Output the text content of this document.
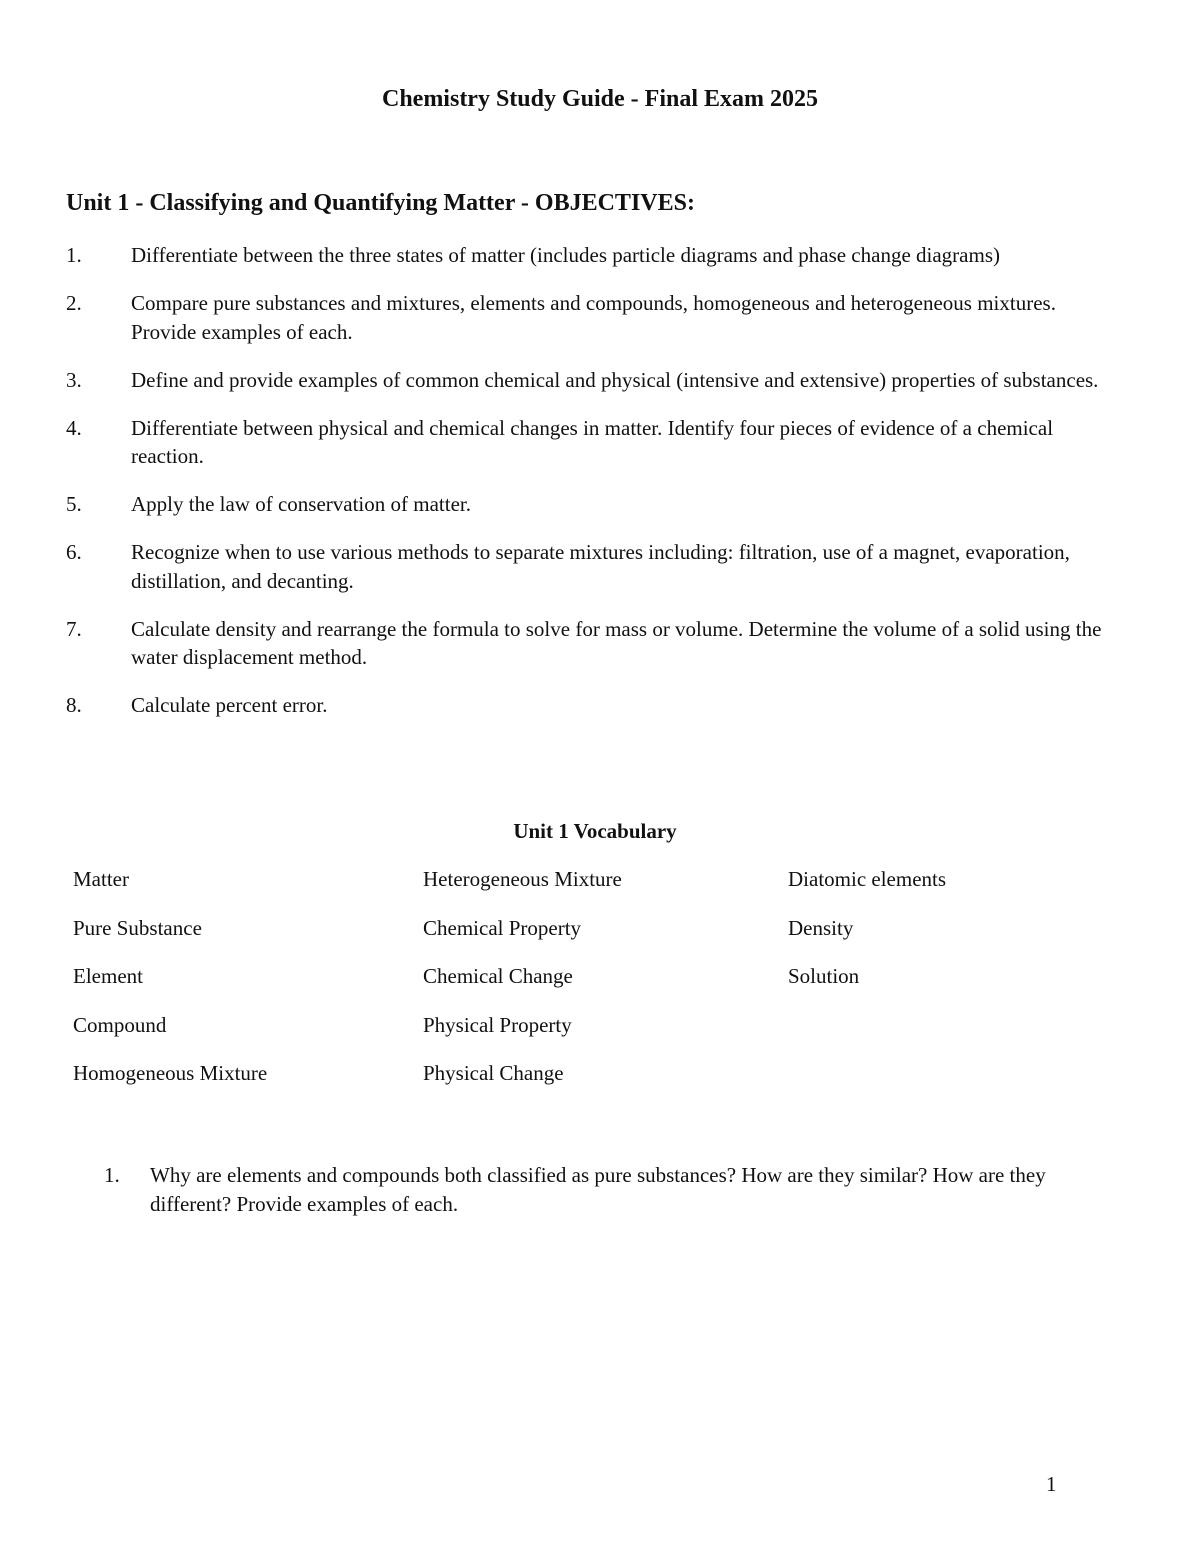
Chemistry Study Guide - Final Exam 2025
Unit 1 - Classifying and Quantifying Matter - OBJECTIVES:
1. Differentiate between the three states of matter (includes particle diagrams and phase change diagrams)
2. Compare pure substances and mixtures, elements and compounds, homogeneous and heterogeneous mixtures. Provide examples of each.
3. Define and provide examples of common chemical and physical (intensive and extensive) properties of substances.
4. Differentiate between physical and chemical changes in matter. Identify four pieces of evidence of a chemical reaction.
5. Apply the law of conservation of matter.
6. Recognize when to use various methods to separate mixtures including: filtration, use of a magnet, evaporation, distillation, and decanting.
7. Calculate density and rearrange the formula to solve for mass or volume. Determine the volume of a solid using the water displacement method.
8. Calculate percent error.
Unit 1 Vocabulary
Matter
Pure Substance
Element
Compound
Homogeneous Mixture
Heterogeneous Mixture
Chemical Property
Chemical Change
Physical Property
Physical Change
Diatomic elements
Density
Solution
1. Why are elements and compounds both classified as pure substances? How are they similar? How are they different? Provide examples of each.
1
